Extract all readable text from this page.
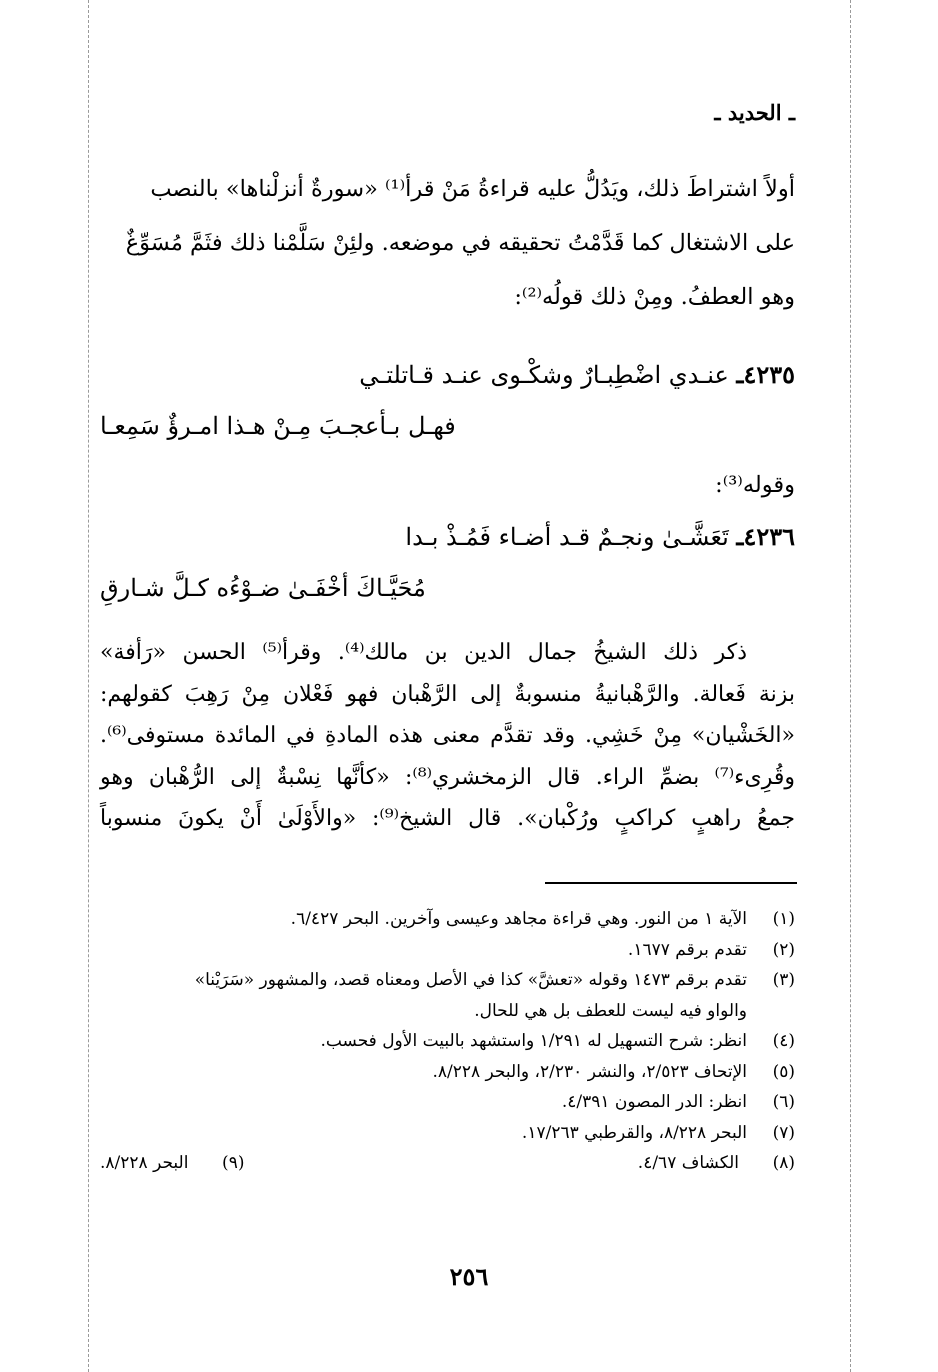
ـ الحديد ـ

أولاً اشتراطَ ذلك، ويَدُلُّ عليه قراءةُ مَنْ قرأ⁽¹⁾ «سورةٌ أنزلْناها» بالنصب

على الاشتغال كما قَدَّمْتُ تحقيقه في موضعه. ولئِنْ سَلَّمْنا ذلك فثَمَّ مُسَوِّغٌ

وهو العطفُ. ومِنْ ذلك قولُه⁽²⁾:

٤٢٣٥ـ عنـدي اضْطِبـارٌ وشكْـوى عنـد قـاتلتـي
فهـل بـأعجـبَ مِـنْ هـذا امـرؤٌ سَمِعـا
وقوله⁽³⁾:
٤٢٣٦ـ تَعَشَّـىٰ ونجـمٌ قـد أضـاء فَمُـذْ بـدا
مُحَيَّـاكَ أخْفَـىٰ ضـوْءُه كـلَّ شـارقِ

ذكر ذلك الشيخُ جمال الدين بن مالك⁽⁴⁾. وقرأ⁽⁵⁾ الحسن «رَأفة»

بزنة فَعالة. والرَّهْبانيةُ منسوبةٌ إلى الرَّهْبان فهو فَعْلان مِنْ رَهِبَ كقولهم:

«الخَشْيان» مِنْ خَشِي. وقد تقدَّم معنى هذه المادةِ في المائدة مستوفى⁽⁶⁾.

وقُرِىء⁽⁷⁾ بضمِّ الراء. قال الزمخشري⁽⁸⁾: «كأنَّها نِسْبةٌ إلى الرُّهْبان وهو

جمعُ راهبٍ كراكبٍ ورُكْبان». قال الشيخ⁽⁹⁾: «والأَوْلَىٰ أَنْ يكونَ منسوباً

(١)
الآية ١ من النور. وهي قراءة مجاهد وعيسى وآخرين. البحر ٦/٤٢٧.
(٢)
تقدم برقم ١٦٧٧.
(٣)
تقدم برقم ١٤٧٣ وقوله «تعشَّ» كذا في الأصل ومعناه قصد، والمشهور «سَرَيْنا»
والواو فيه ليست للعطف بل هي للحال.
(٤)
انظر: شرح التسهيل له ١/٢٩١ واستشهد بالبيت الأول فحسب.
(٥)
الإتحاف ٢/٥٢٣، والنشر ٢/٢٣٠، والبحر ٨/٢٢٨.
(٦)
انظر: الدر المصون ٤/٣٩١.
(٧)
البحر ٨/٢٢٨، والقرطبي ١٧/٢٦٣.
(٨)
الكشاف ٤/٦٧.
(٩)
البحر ٨/٢٢٨.
٢٥٦
